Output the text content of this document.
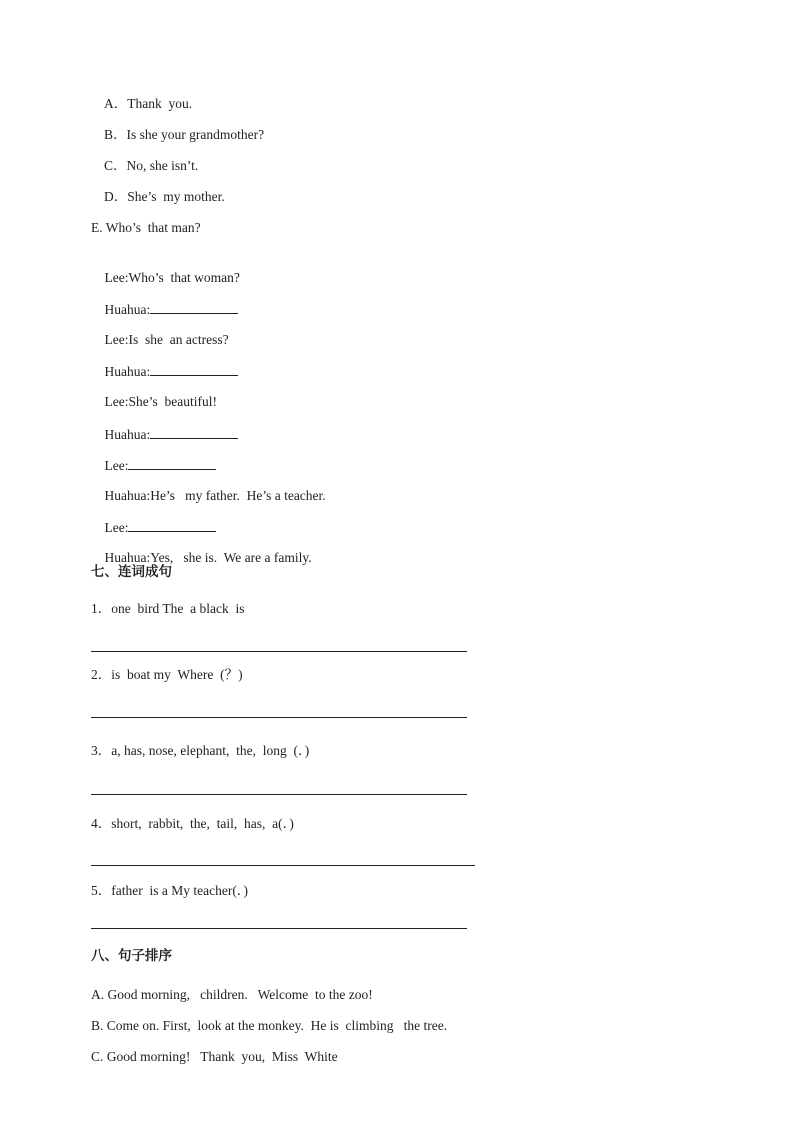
A．Thank  you.
B．Is she your grandmother?
C．No, she isn’t.
D．She’s  my mother.
E. Who’s  that man?

Lee:Who’s  that woman?

Huahua:

Lee:Is  she  an actress?

Huahua:

Lee:She’s  beautiful!

Huahua:

Lee:

Huahua:He’s   my father.  He’s a teacher.

Lee:

Huahua:Yes,   she is.  We are a family.

七、连词成句
1．one  bird The  a black  is
2．is  boat my  Where  (？)
3．a, has, nose, elephant,  the,  long  (．)
4．short,  rabbit,  the,  tail,  has,  a(．)
5．father  is a My teacher(．)
八、句子排序
A. Good morning,   children.   Welcome  to the zoo!
B. Come on. First,  look at the monkey.  He is  climbing   the tree.
C. Good morning!   Thank  you,  Miss  White
